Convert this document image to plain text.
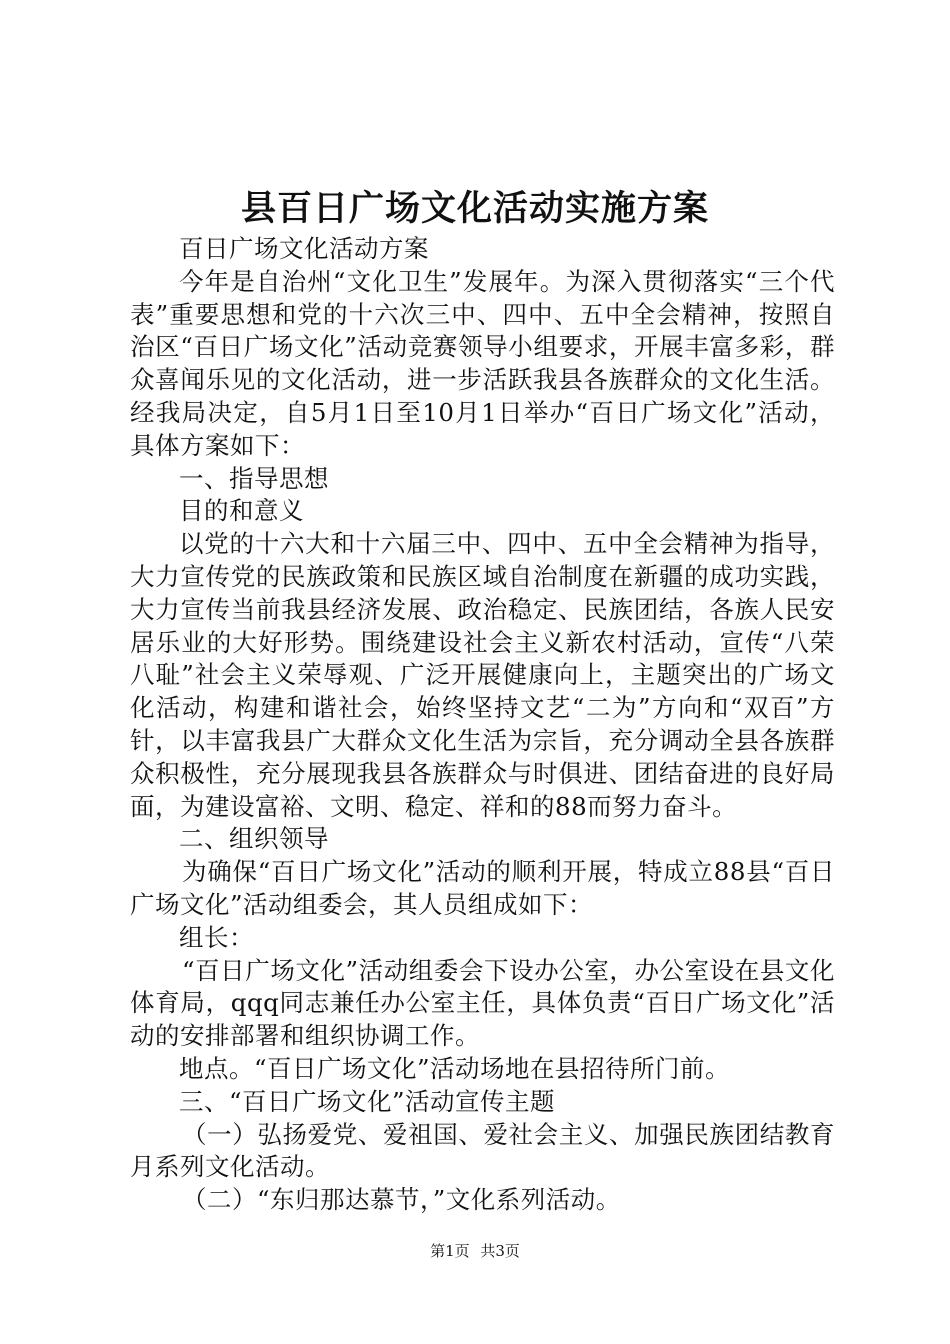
县百日广场文化活动实施方案

百日广场文化活动方案

今年是自治州“文化卫生”发展年。为深入贯彻落实“三个代表”重要思想和党的十六次三中、四中、五中全会精神，按照自治区“百日广场文化”活动竞赛领导小组要求，开展丰富多彩，群众喜闻乐见的文化活动，进一步活跃我县各族群众的文化生活。经我局决定，自5月1日至10月1日举办“百日广场文化”活动，具体方案如下：

一、指导思想

目的和意义

以党的十六大和十六届三中、四中、五中全会精神为指导，大力宣传党的民族政策和民族区域自治制度在新疆的成功实践，大力宣传当前我县经济发展、政治稳定、民族团结，各族人民安居乐业的大好形势。围绕建设社会主义新农村活动，宣传“八荣八耻”社会主义荣辱观、广泛开展健康向上，主题突出的广场文化活动，构建和谐社会，始终坚持文艺“二为”方向和“双百”方针，以丰富我县广大群众文化生活为宗旨，充分调动全县各族群众积极性，充分展现我县各族群众与时俱进、团结奋进的良好局面，为建设富裕、文明、稳定、祥和的88而努力奋斗。

二、组织领导

为确保“百日广场文化”活动的顺利开展，特成立88县“百日广场文化”活动组委会，其人员组成如下：

组长：

“百日广场文化”活动组委会下设办公室，办公室设在县文化体育局，qqq同志兼任办公室主任，具体负责“百日广场文化”活动的安排部署和组织协调工作。

地点。“百日广场文化”活动场地在县招待所门前。

三、“百日广场文化”活动宣传主题

（一）弘扬爱党、爱祖国、爱社会主义、加强民族团结教育月系列文化活动。

（二）“东归那达慕节，”文化系列活动。

第1页 共3页
